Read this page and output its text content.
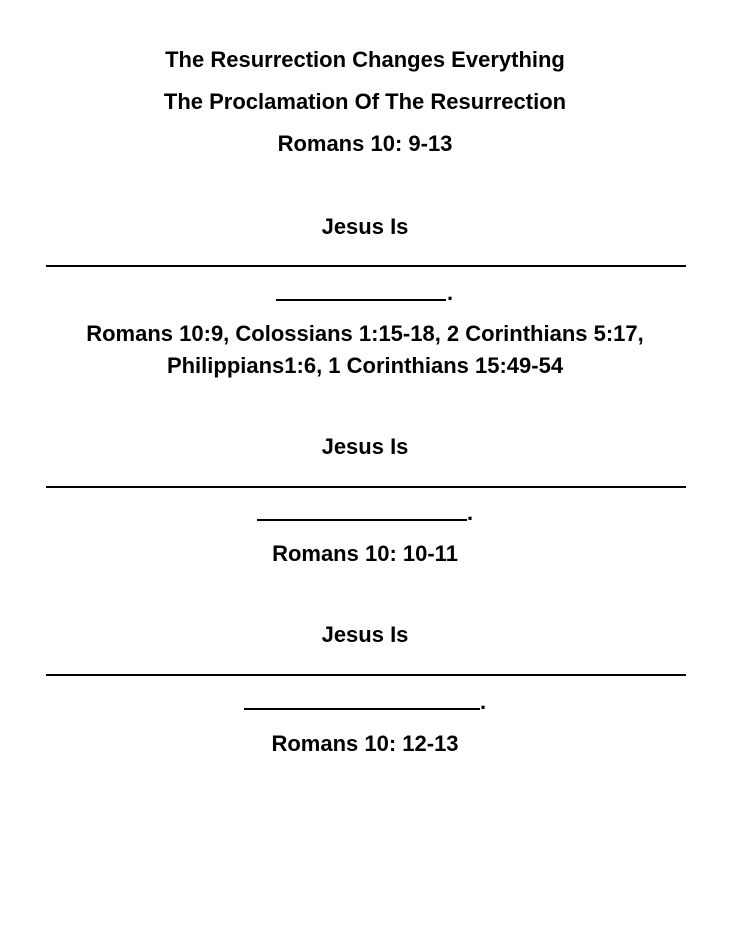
The Resurrection Changes Everything
The Proclamation Of The Resurrection
Romans 10: 9-13
Jesus Is
.
Romans 10:9, Colossians 1:15-18, 2 Corinthians 5:17,
Philippians1:6, 1 Corinthians 15:49-54
Jesus Is
.
Romans 10: 10-11
Jesus Is
.
Romans 10: 12-13
